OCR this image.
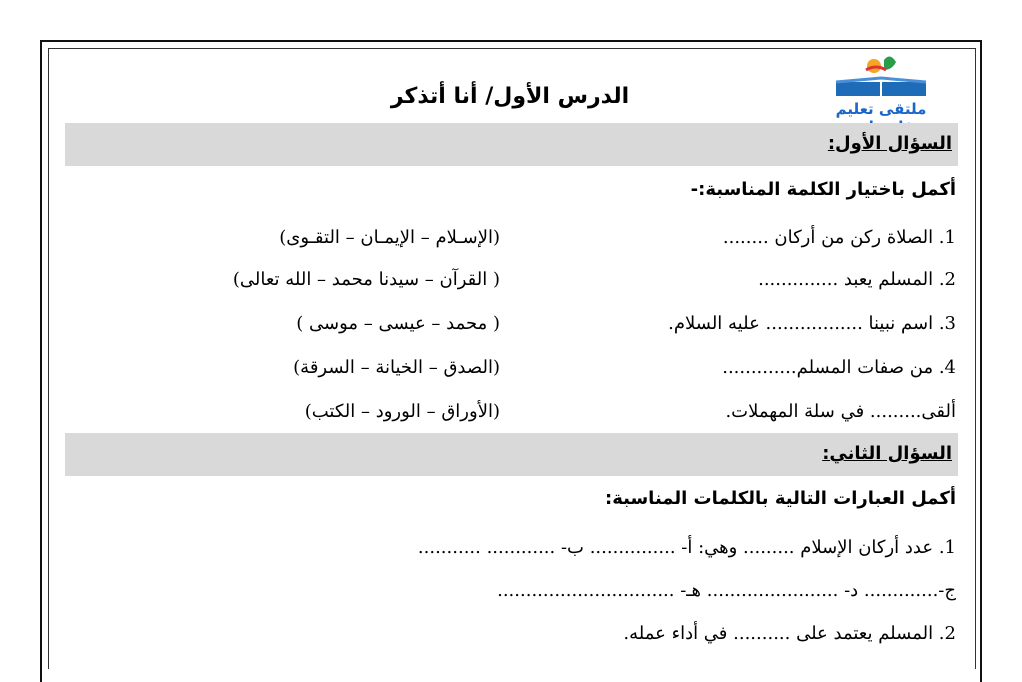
ملتقى تعليم
الدرس الأول/ أنا أتذكر
السؤال الأول:
أكمل باختيار الكلمة المناسبة:-
1. الصلاة ركن من أركان ........
(الإسـلام – الإيمـان – التقـوى)
2. المسلم يعبد ..............
( القرآن – سيدنا محمد – الله تعالى)
3. اسم نبينا ................. عليه السلام.
( محمد – عيسى – موسى )
4. من صفات المسلم.............
(الصدق – الخيانة – السرقة)
ألقى......... في سلة المهملات.
(الأوراق – الورود – الكتب)
السؤال الثاني:
أكمل العبارات التالية بالكلمات المناسبة:
1. عدد أركان الإسلام ......... وهي: أ- ............... ب- ............ ...........
ج-............. د- ....................... هـ- ...............................
2. المسلم يعتمد على .......... في أداء عمله.
